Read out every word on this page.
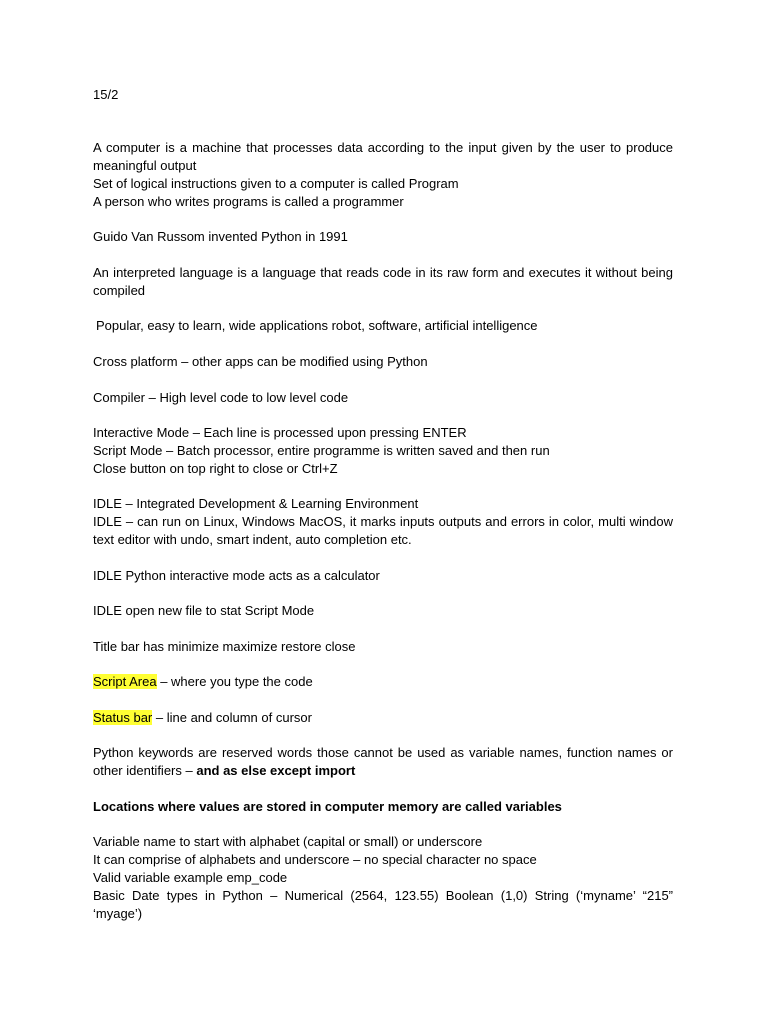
15/2

A computer is a machine that processes data according to the input given by the user to produce meaningful output

Set of logical instructions given to a computer is called Program

A person who writes programs is called a programmer

Guido Van Russom invented Python in 1991

An interpreted language is a language that reads code in its raw form and executes it without being compiled

Popular, easy to learn, wide applications robot, software, artificial intelligence

Cross platform – other apps can be modified using Python

Compiler – High level code to low level code

Interactive Mode – Each line is processed upon pressing ENTER

Script Mode – Batch processor, entire programme is written saved and then run

Close button on top right to close or Ctrl+Z

IDLE – Integrated Development & Learning Environment

IDLE – can run on Linux, Windows MacOS, it marks inputs outputs and errors in color, multi window text editor with undo, smart indent, auto completion etc.

IDLE Python interactive mode acts as a calculator

IDLE open new file to stat Script Mode

Title bar has minimize maximize restore close

Script Area – where you type the code

Status bar – line and column of cursor

Python keywords are reserved words those cannot be used as variable names, function names or other identifiers – and as else except import

Locations where values are stored in computer memory are called variables

Variable name to start with alphabet (capital or small) or underscore

It can comprise of alphabets and underscore – no special character no space

Valid variable example emp_code

Basic Date types in Python – Numerical (2564, 123.55) Boolean (1,0) String (‘myname’ “215” ‘myage’)
